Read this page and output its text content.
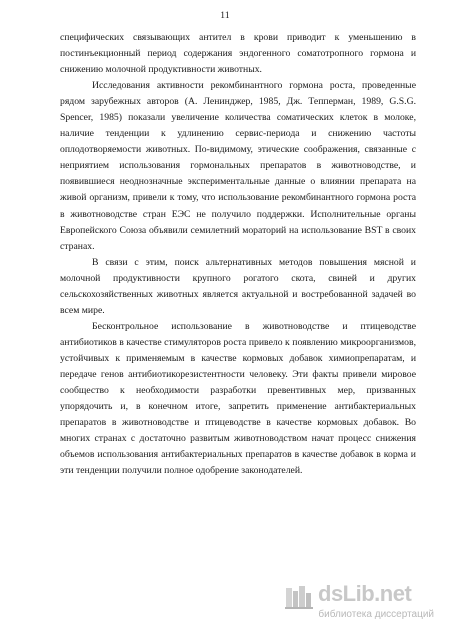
11

специфических связывающих антител в крови приводит к уменьшению в постинъекционный период содержания эндогенного соматотропного гормона и снижению молочной продуктивности животных.

Исследования активности рекомбинантного гормона роста, проведенные рядом зарубежных авторов (А. Ленинджер, 1985, Дж. Тепперман, 1989, G.S.G. Spencer, 1985) показали увеличение количества соматических клеток в молоке, наличие тенденции к удлинению сервис-периода и снижению частоты оплодотворяемости животных. По-видимому, этические соображения, связанные с неприятием использования гормональных препаратов в животноводстве, и появившиеся неоднозначные экспериментальные данные о влиянии препарата на живой организм, привели к тому, что использование рекомбинантного гормона роста в животноводстве стран ЕЭС не получило поддержки. Исполнительные органы Европейского Союза объявили семилетний мораторий на использование BST в своих странах.

В связи с этим, поиск альтернативных методов повышения мясной и молочной продуктивности крупного рогатого скота, свиней и других сельскохозяйственных животных является актуальной и востребованной задачей во всем мире.

Бесконтрольное использование в животноводстве и птицеводстве антибиотиков в качестве стимуляторов роста привело к появлению микроорганизмов, устойчивых к применяемым в качестве кормовых добавок химиопрепаратам, и передаче генов антибиотикорезистентности человеку. Эти факты привели мировое сообщество к необходимости разработки превентивных мер, призванных упорядочить и, в конечном итоге, запретить применение антибактериальных препаратов в животноводстве и птицеводстве в качестве кормовых добавок. Во многих странах с достаточно развитым животноводством начат процесс снижения объемов использования антибактериальных препаратов в качестве добавок в корма и эти тенденции получили полное одобрение законодателей.

dsLib.net
библиотека диссертаций
